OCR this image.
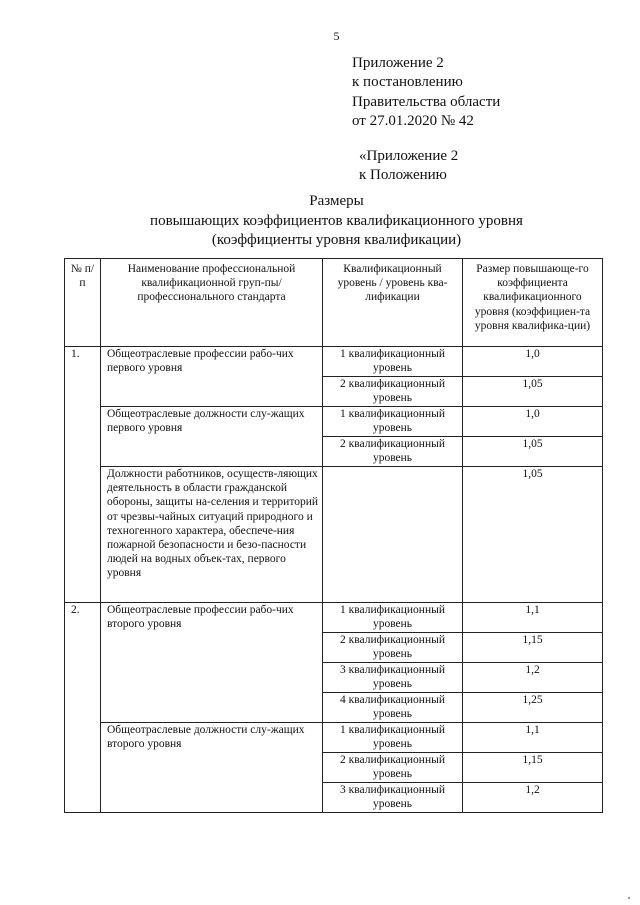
5
Приложение 2
к постановлению
Правительства области
от 27.01.2020 № 42
«Приложение 2
к Положению
Размеры
повышающих коэффициентов квалификационного уровня
(коэффициенты уровня квалификации)
№ п/п	Наименование профессиональной квалификационной груп-пы/профессионального стандарта	Квалификационный уровень / уровень ква-лификации	Размер повышающе-го коэффициента квалификационного уровня (коэффициен-та уровня квалифика-ции)
1.	Общеотраслевые профессии рабо-чих первого уровня	1 квалификационный уровень	1,0
		2 квалификационный уровень	1,05
	Общеотраслевые должности слу-жащих первого уровня	1 квалификационный уровень	1,0
		2 квалификационный уровень	1,05
	Должности работников, осуществ-ляющих деятельность в области гражданской обороны, защиты на-селения и территорий от чрезвы-чайных ситуаций природного и техногенного характера, обеспече-ния пожарной безопасности и безо-пасности людей на водных объек-тах, первого уровня		1,05
2.	Общеотраслевые профессии рабо-чих второго уровня	1 квалификационный уровень	1,1
		2 квалификационный уровень	1,15
		3 квалификационный уровень	1,2
		4 квалификационный уровень	1,25
	Общеотраслевые должности слу-жащих второго уровня	1 квалификационный уровень	1,1
		2 квалификационный уровень	1,15
		3 квалификационный уровень	1,2
